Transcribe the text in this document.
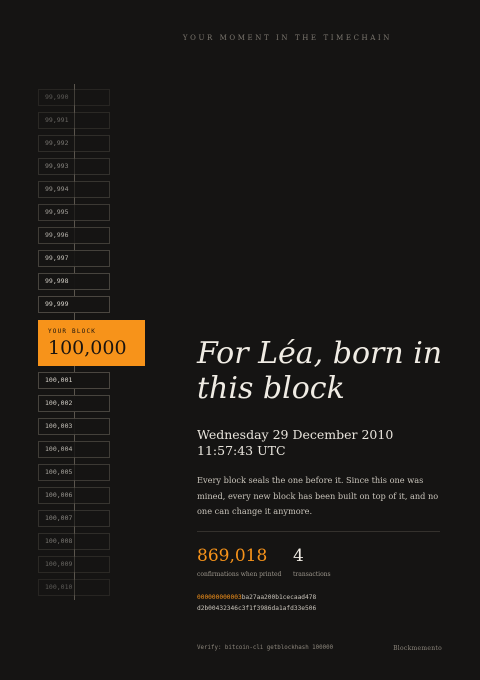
YOUR MOMENT IN THE TIMECHAIN
99,990
99,991
99,992
99,993
99,994
99,995
99,996
99,997
99,998
99,999
100,001
100,002
100,003
100,004
100,005
100,006
100,007
100,008
100,009
100,010
YOUR BLOCK
100,000	For Léa, born in this block
Wednesday 29 December 2010
11:57:43 UTC
Every block seals the one before it. Since this one was mined, every new block has been built on top of it, and no one can change it anymore.
869,018
confirmations when printed
4
transactions
000000000003ba27aa200b1cecaad478
d2b00432346c3f1f3986da1afd33e506
Verify: bitcoin-cli getblockhash 100000	Blockmemento
